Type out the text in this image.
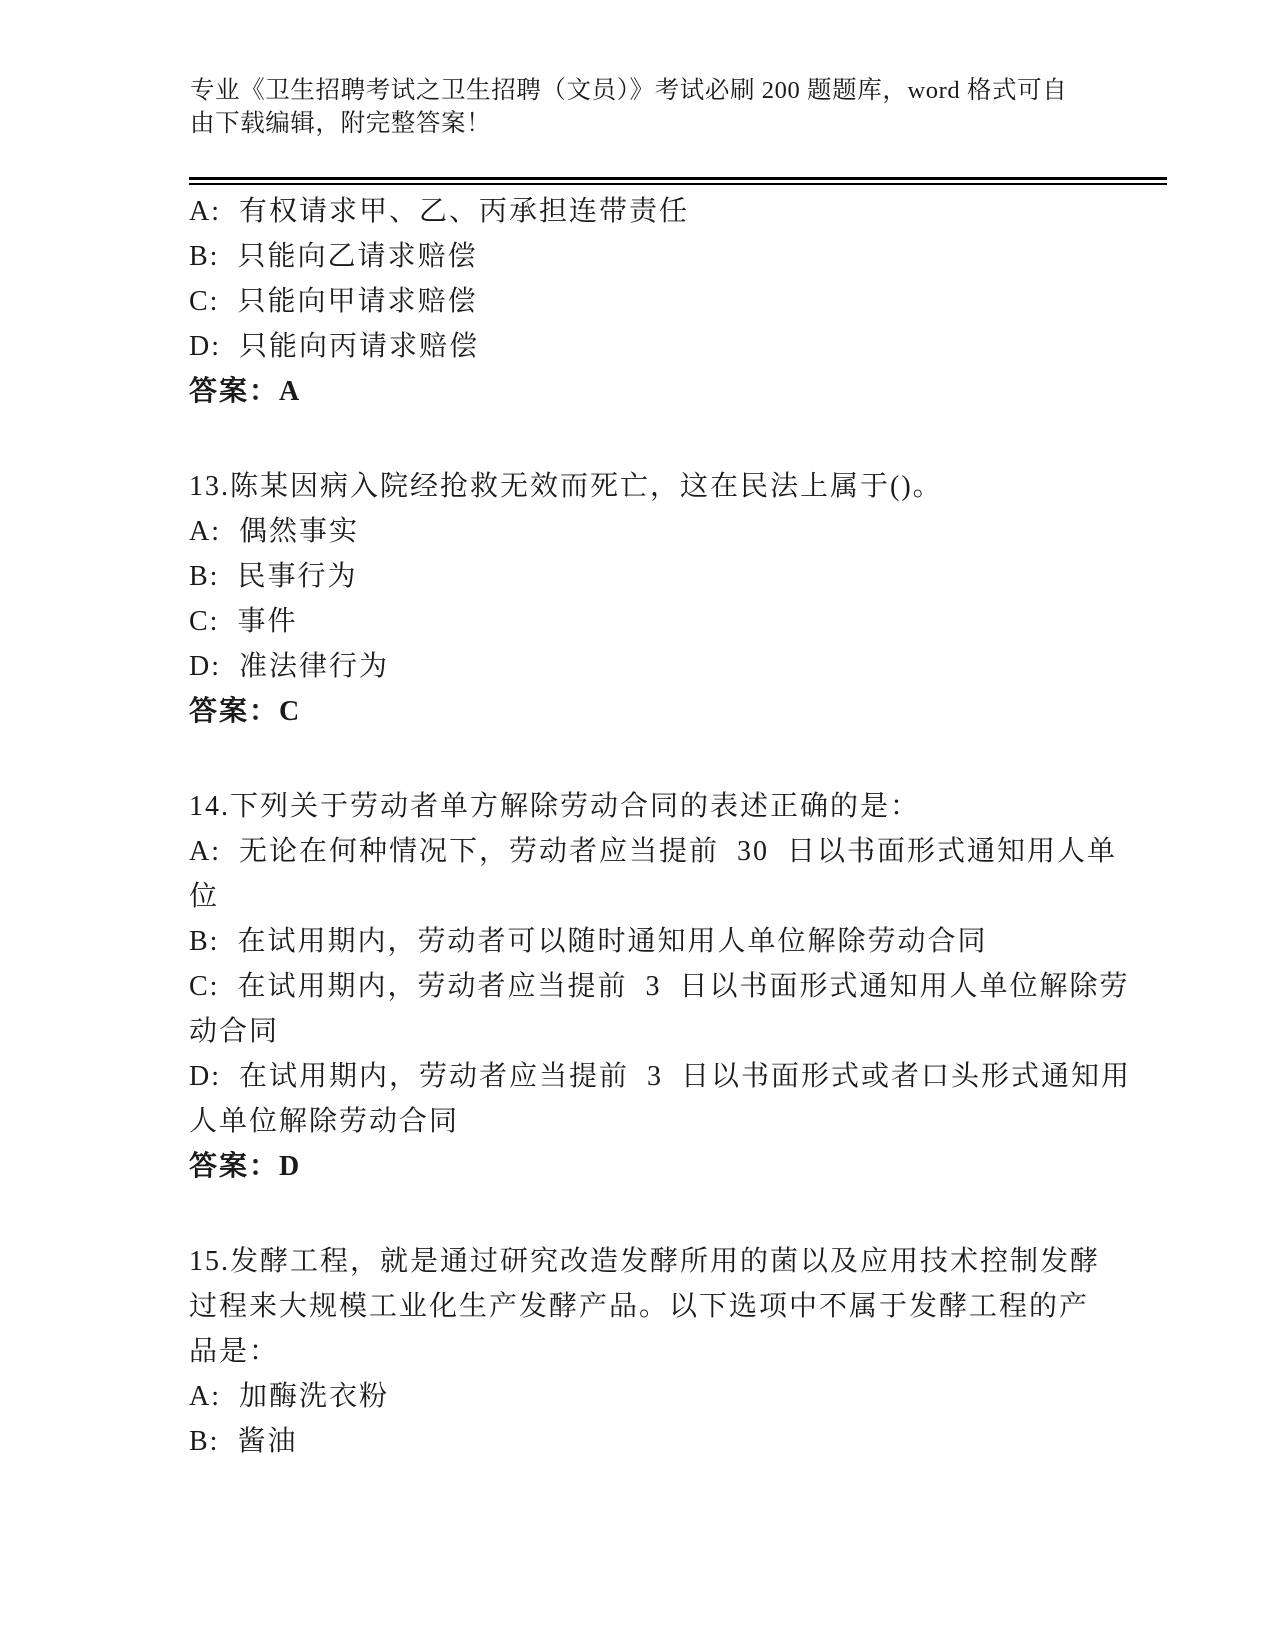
专业《卫生招聘考试之卫生招聘（文员）》考试必刷 200 题题库，word 格式可自
由下载编辑，附完整答案！
A: 有权请求甲、乙、丙承担连带责任
B: 只能向乙请求赔偿
C: 只能向甲请求赔偿
D: 只能向丙请求赔偿
答案：A
13.陈某因病入院经抢救无效而死亡，这在民法上属于()。
A: 偶然事实
B: 民事行为
C: 事件
D: 准法律行为
答案：C
14.下列关于劳动者单方解除劳动合同的表述正确的是：
A: 无论在何种情况下，劳动者应当提前 30 日以书面形式通知用人单
位
B: 在试用期内，劳动者可以随时通知用人单位解除劳动合同
C: 在试用期内，劳动者应当提前 3 日以书面形式通知用人单位解除劳
动合同
D: 在试用期内，劳动者应当提前 3 日以书面形式或者口头形式通知用
人单位解除劳动合同
答案：D
15.发酵工程，就是通过研究改造发酵所用的菌以及应用技术控制发酵
过程来大规模工业化生产发酵产品。以下选项中不属于发酵工程的产
品是：
A: 加酶洗衣粉
B: 酱油
